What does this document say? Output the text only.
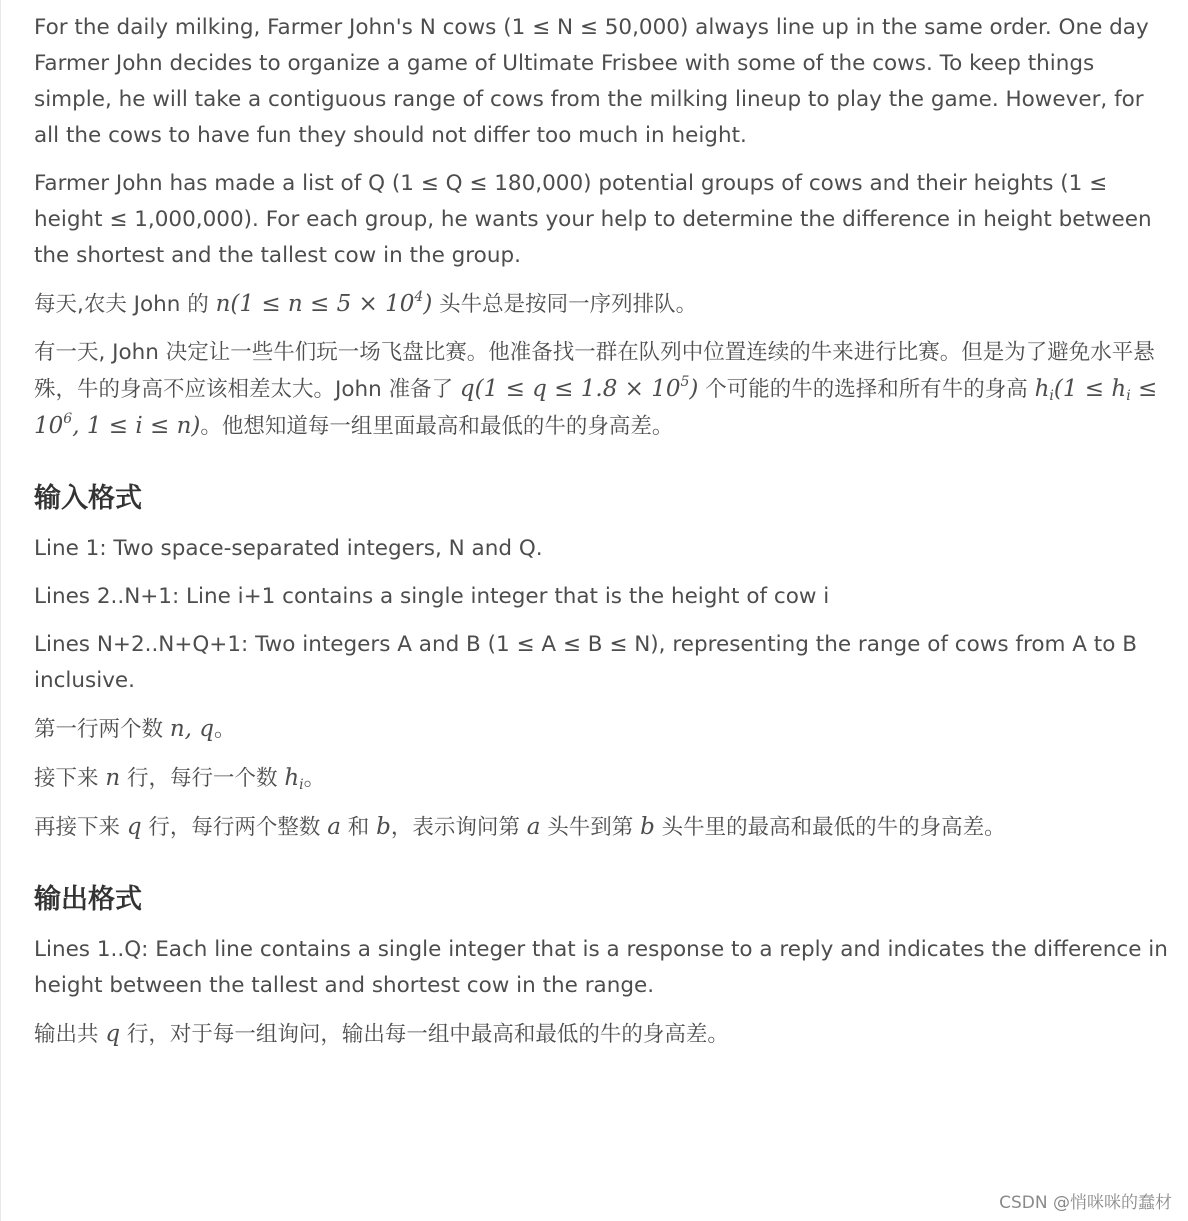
For the daily milking, Farmer John's N cows (1 ≤ N ≤ 50,000) always line up in the same order. One day Farmer John decides to organize a game of Ultimate Frisbee with some of the cows. To keep things simple, he will take a contiguous range of cows from the milking lineup to play the game. However, for all the cows to have fun they should not differ too much in height.

Farmer John has made a list of Q (1 ≤ Q ≤ 180,000) potential groups of cows and their heights (1 ≤ height ≤ 1,000,000). For each group, he wants your help to determine the difference in height between the shortest and the tallest cow in the group.

每天,农夫 John 的 $n(1 \le n \le 5 \times 10^4)$ 头牛总是按同一序列排队。

有一天, John 决定让一些牛们玩一场飞盘比赛。他准备找一群在队列中位置连续的牛来进行比赛。但是为了避免水平悬殊，牛的身高不应该相差太大。John 准备了 $q(1 \le q \le 1.8 \times 10^5)$ 个可能的牛的选择和所有牛的身高 $h_i(1 \le h_i \le 10^6$, 1 ≤ i ≤ n)。他想知道每一组里面最高和最低的牛的身高差。

输入格式

Line 1: Two space-separated integers, N and Q.

Lines 2..N+1: Line i+1 contains a single integer that is the height of cow i

Lines N+2..N+Q+1: Two integers A and B (1 ≤ A ≤ B ≤ N), representing the range of cows from A to B inclusive.

第一行两个数 n, q。

接下来 n 行，每行一个数 $h_i$。

再接下来 q 行，每行两个整数 a 和 b，表示询问第 a 头牛到第 b 头牛里的最高和最低的牛的身高差。

输出格式

Lines 1..Q: Each line contains a single integer that is a response to a reply and indicates the difference in height between the tallest and shortest cow in the range.

输出共 q 行，对于每一组询问，输出每一组中最高和最低的牛的身高差。

CSDN @悄咪咪的蠢材
